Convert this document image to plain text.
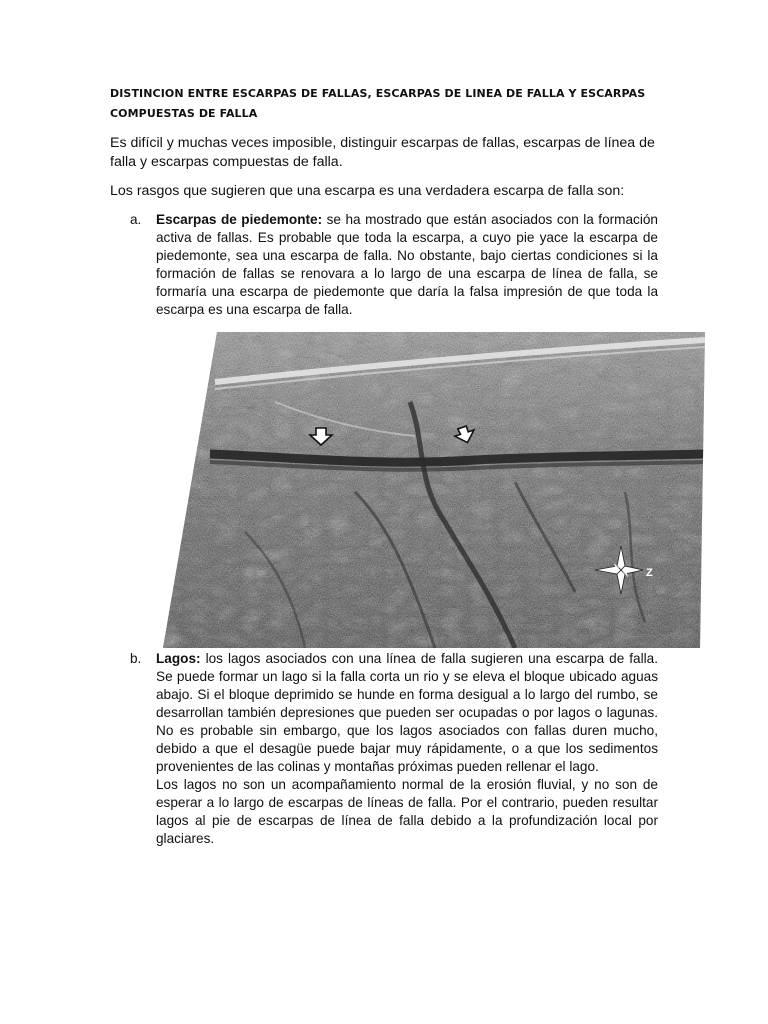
DISTINCION ENTRE ESCARPAS DE FALLAS, ESCARPAS DE LINEA DE FALLA Y ESCARPAS COMPUESTAS DE FALLA
Es difícil y muchas veces imposible, distinguir escarpas de fallas, escarpas de línea de falla y escarpas compuestas de falla.
Los rasgos que sugieren que una escarpa es una verdadera escarpa de falla son:
a. Escarpas de piedemonte: se ha mostrado que están asociados con la formación activa de fallas. Es probable que toda la escarpa, a cuyo pie yace la escarpa de piedemonte, sea una escarpa de falla. No obstante, bajo ciertas condiciones si la formación de fallas se renovara a lo largo de una escarpa de línea de falla, se formaría una escarpa de piedemonte que daría la falsa impresión de que toda la escarpa es una escarpa de falla.
Z
b. Lagos: los lagos asociados con una línea de falla sugieren una escarpa de falla. Se puede formar un lago si la falla corta un rio y se eleva el bloque ubicado aguas abajo. Si el bloque deprimido se hunde en forma desigual a lo largo del rumbo, se desarrollan también depresiones que pueden ser ocupadas o por lagos o lagunas. No es probable sin embargo, que los lagos asociados con fallas duren mucho, debido a que el desagüe puede bajar muy rápidamente, o a que los sedimentos provenientes de las colinas y montañas próximas pueden rellenar el lago.
Los lagos no son un acompañamiento normal de la erosión fluvial, y no son de esperar a lo largo de escarpas de líneas de falla. Por el contrario, pueden resultar lagos al pie de escarpas de línea de falla debido a la profundización local por glaciares.
